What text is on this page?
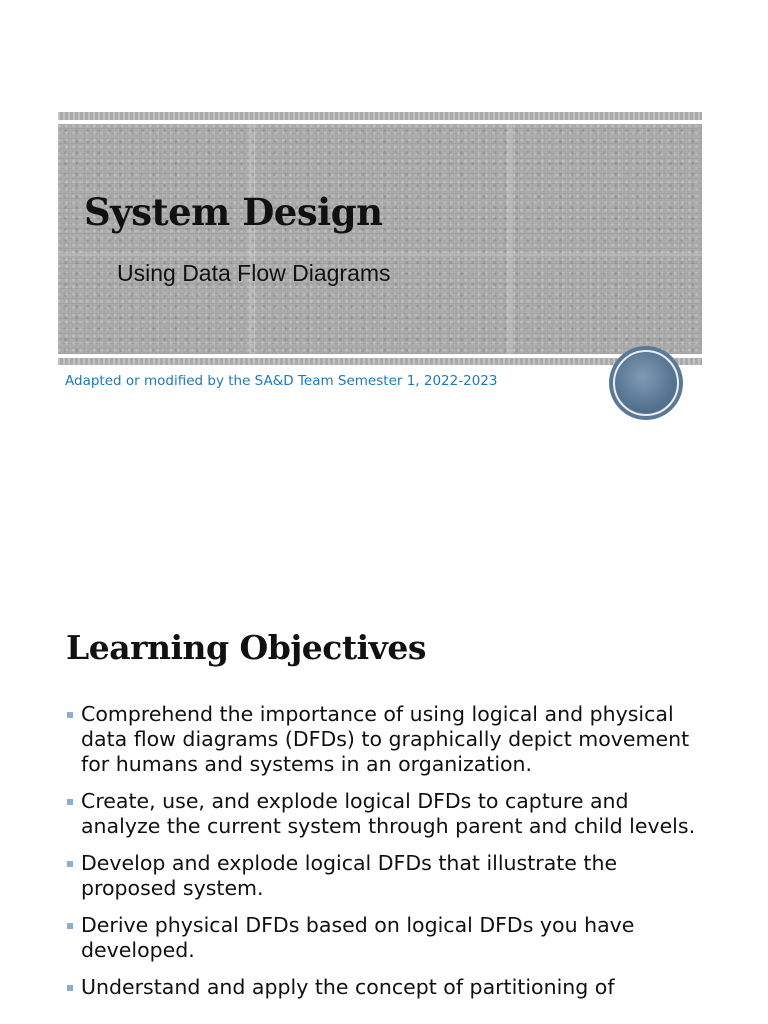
System Design

Using Data Flow Diagrams

Adapted or modified by the SA&D Team Semester 1, 2022-2023

Learning Objectives
Comprehend the importance of using logical and physical data flow diagrams (DFDs) to graphically depict movement for humans and systems in an organization.
Create, use, and explode logical DFDs to capture and analyze the current system through parent and child levels.
Develop and explode logical DFDs that illustrate the proposed system.
Derive physical DFDs based on logical DFDs you have developed.
Understand and apply the concept of partitioning of
